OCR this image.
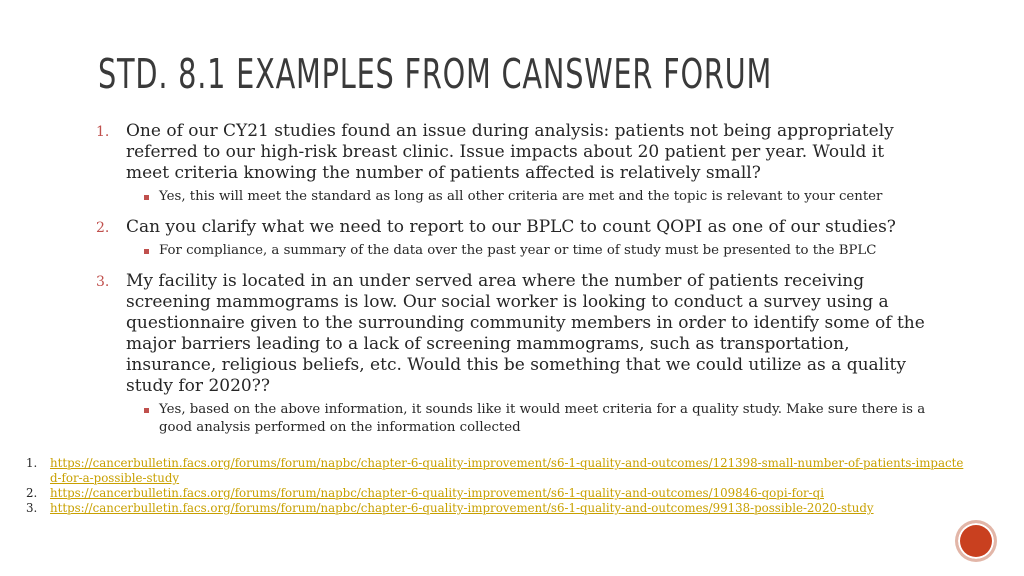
STD. 8.1 EXAMPLES FROM CANSWER FORUM
1. One of our CY21 studies found an issue during analysis: patients not being appropriately referred to our high-risk breast clinic. Issue impacts about 20 patient per year. Would it meet criteria knowing the number of patients affected is relatively small?

Yes, this will meet the standard as long as all other criteria are met and the topic is relevant to your center
2. Can you clarify what we need to report to our BPLC to count QOPI as one of our studies?

For compliance, a summary of the data over the past year or time of study must be presented to the BPLC
3. My facility is located in an under served area where the number of patients receiving screening mammograms is low. Our social worker is looking to conduct a survey using a questionnaire given to the surrounding community members in order to identify some of the major barriers leading to a lack of screening mammograms, such as transportation, insurance, religious beliefs, etc. Would this be something that we could utilize as a quality study for 2020??

Yes, based on the above information, it sounds like it would meet criteria for a quality study. Make sure there is a good analysis performed on the information collected
1. https://cancerbulletin.facs.org/forums/forum/napbc/chapter-6-quality-improvement/s6-1-quality-and-outcomes/121398-small-number-of-patients-impacted-for-a-possible-study
2. https://cancerbulletin.facs.org/forums/forum/napbc/chapter-6-quality-improvement/s6-1-quality-and-outcomes/109846-qopi-for-qi
3. https://cancerbulletin.facs.org/forums/forum/napbc/chapter-6-quality-improvement/s6-1-quality-and-outcomes/99138-possible-2020-study
